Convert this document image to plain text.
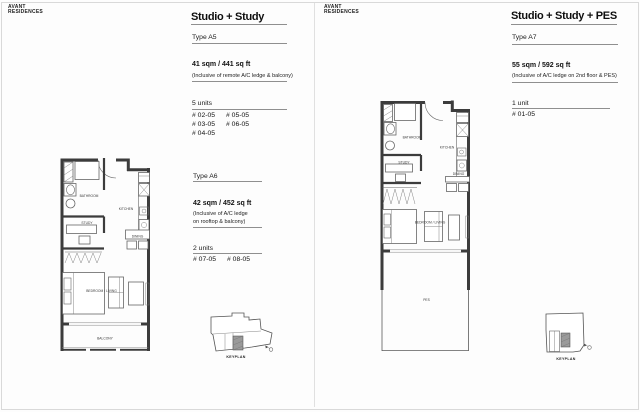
AVANT
RESIDENCES	Studio + Study
Type A5
41 sqm / 441 sq ft
(Inclusive of remote A/C ledge & balcony)
5 units
# 02-05 # 05-05
# 03-05 # 06-05
# 04-05
Type A6
42 sqm / 452 sq ft
(Inclusive of A/C ledge
on rooftop & balcony)
2 units
# 07-05 # 08-05
BATHROOM
STUDY
KITCHEN
DINING
BEDROOM / LIVING
BALCONY
KEYPLAN
AVANT
RESIDENCES	Studio + Study + PES
Type A7
55 sqm / 592 sq ft
(Inclusive of A/C ledge on 2nd floor & PES)
1 unit
# 01-05
BATHROOM
STUDY
KITCHEN
DINING
BEDROOM / LIVING
PES
KEYPLAN
